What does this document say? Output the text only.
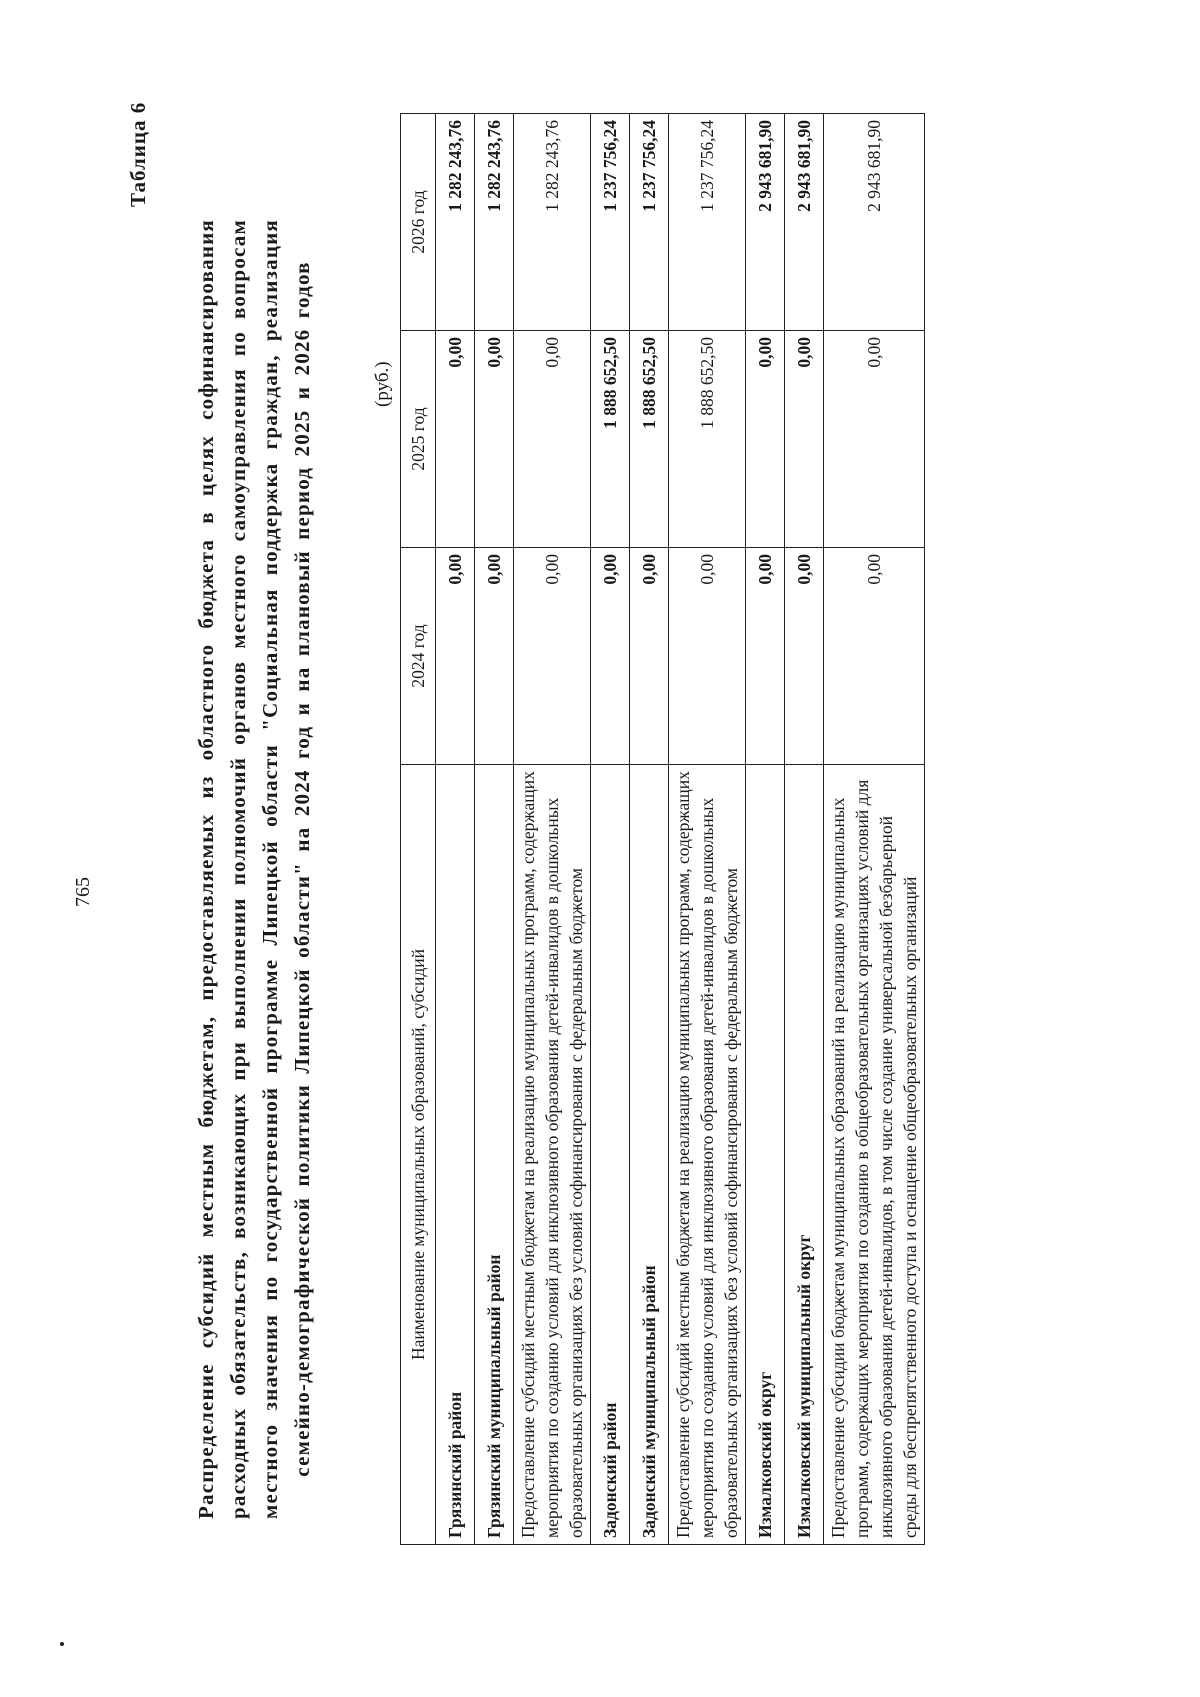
765
Таблица 6
Распределение субсидий местным бюджетам, предоставляемых из областного бюджета в целях софинансирования расходных обязательств, возникающих при выполнении полномочий органов местного самоуправления по вопросам местного значения по государственной программе Липецкой области "Социальная поддержка граждан, реализация семейно-демографической политики Липецкой области" на 2024 год и на плановый период 2025 и 2026 годов	(руб.)
Наименование муниципальных образований, субсидий	2024 год	2025 год	2026 год
Грязинский район	0,00	0,00	1 282 243,76
Грязинский муниципальный район	0,00	0,00	1 282 243,76
Предоставление субсидий местным бюджетам на реализацию муниципальных программ, содержащих мероприятия по созданию условий для инклюзивного образования детей-инвалидов в дошкольных образовательных организациях без условий софинансирования с федеральным бюджетом	0,00	0,00	1 282 243,76
Задонский район	0,00	1 888 652,50	1 237 756,24
Задонский муниципальный район	0,00	1 888 652,50	1 237 756,24
Предоставление субсидий местным бюджетам на реализацию муниципальных программ, содержащих мероприятия по созданию условий для инклюзивного образования детей-инвалидов в дошкольных образовательных организациях без условий софинансирования с федеральным бюджетом	0,00	1 888 652,50	1 237 756,24
Измалковский округ	0,00	0,00	2 943 681,90
Измалковский муниципальный округ	0,00	0,00	2 943 681,90
Предоставление субсидии бюджетам муниципальных образований на реализацию муниципальных программ, содержащих мероприятия по созданию в общеобразовательных организациях условий для инклюзивного образования детей-инвалидов, в том числе создание универсальной безбарьерной среды для беспрепятственного доступа и оснащение общеобразовательных организаций	0,00	0,00	2 943 681,90
